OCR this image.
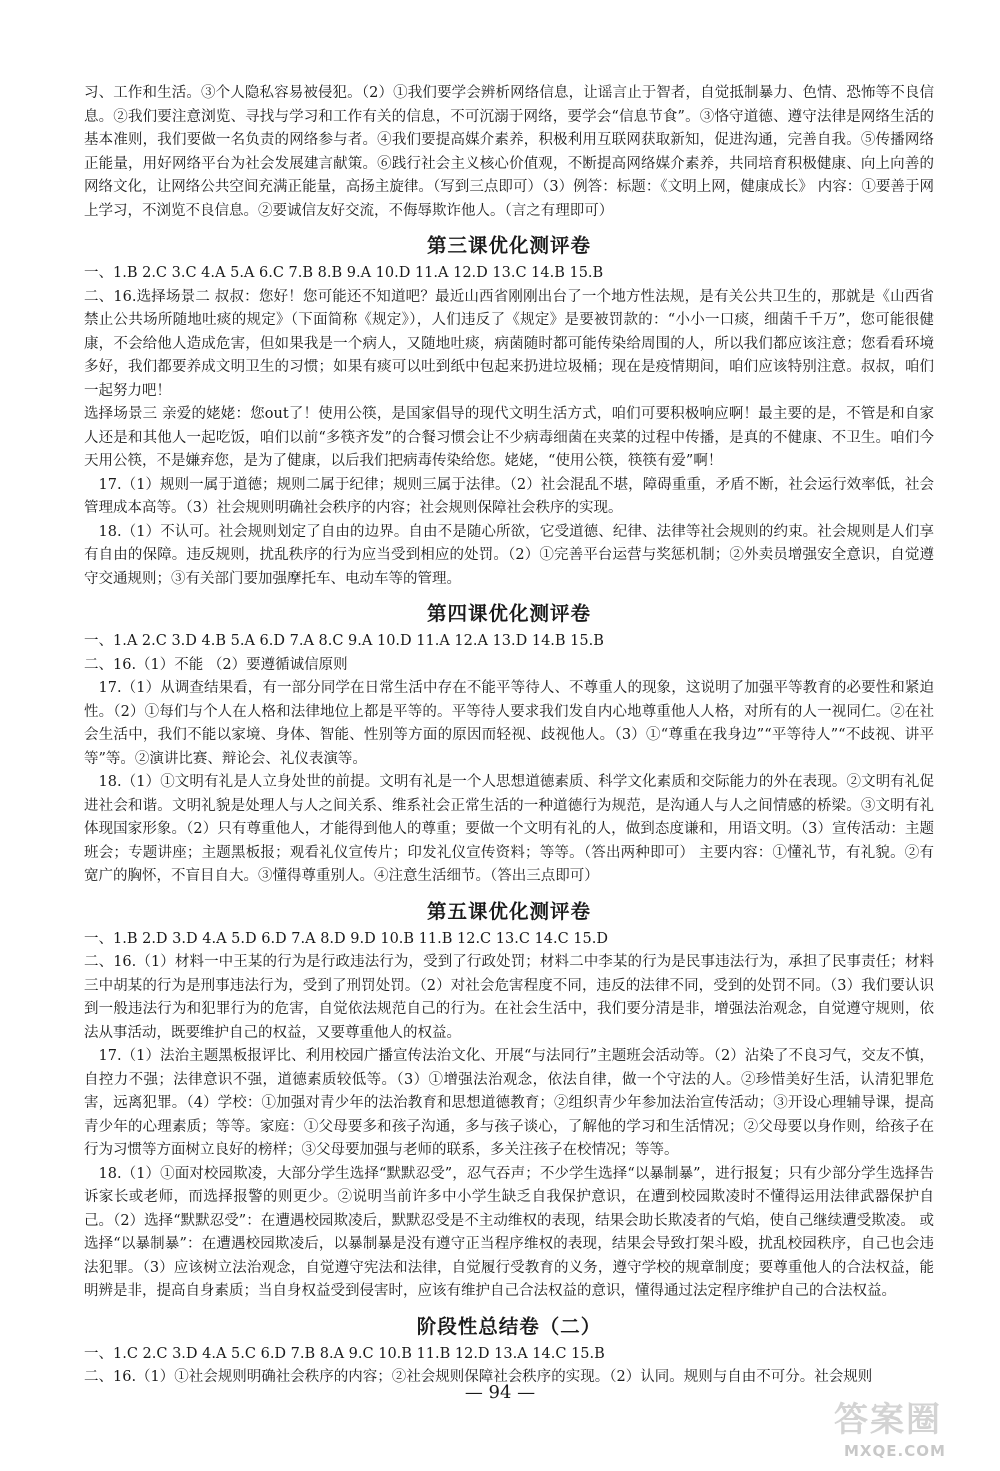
习、工作和生活。③个人隐私容易被侵犯。（2）①我们要学会辨析网络信息，让谣言止于智者，自觉抵制暴力、色情、恐怖等不良信息。②我们要注意浏览、寻找与学习和工作有关的信息，不可沉溺于网络，要学会“信息节食”。③恪守道德、遵守法律是网络生活的基本准则，我们要做一名负责的网络参与者。④我们要提高媒介素养，积极利用互联网获取新知，促进沟通，完善自我。⑤传播网络正能量，用好网络平台为社会发展建言献策。⑥践行社会主义核心价值观，不断提高网络媒介素养，共同培育积极健康、向上向善的网络文化，让网络公共空间充满正能量，高扬主旋律。（写到三点即可）（3）例答：标题：《文明上网，健康成长》 内容：①要善于网上学习，不浏览不良信息。②要诚信友好交流，不侮辱欺诈他人。（言之有理即可）

第三课优化测评卷

一、1.B 2.C 3.C 4.A 5.A 6.C 7.B 8.B 9.A 10.D 11.A 12.D 13.C 14.B 15.B

二、16.选择场景二 叔叔：您好！您可能还不知道吧？最近山西省刚刚出台了一个地方性法规，是有关公共卫生的，那就是《山西省禁止公共场所随地吐痰的规定》（下面简称《规定》），人们违反了《规定》是要被罚款的：“小小一口痰，细菌千千万”，您可能很健康，不会给他人造成危害，但如果我是一个病人，又随地吐痰，病菌随时都可能传染给周围的人，所以我们都应该注意；您看看环境多好，我们都要养成文明卫生的习惯；如果有痰可以吐到纸中包起来扔进垃圾桶；现在是疫情期间，咱们应该特别注意。叔叔，咱们一起努力吧！

选择场景三 亲爱的姥姥：您out了！使用公筷，是国家倡导的现代文明生活方式，咱们可要积极响应啊！最主要的是，不管是和自家人还是和其他人一起吃饭，咱们以前“多筷齐发”的合餐习惯会让不少病毒细菌在夹菜的过程中传播，是真的不健康、不卫生。咱们今天用公筷，不是嫌弃您，是为了健康，以后我们把病毒传染给您。姥姥，“使用公筷，筷筷有爱”啊！

17.（1）规则一属于道德；规则二属于纪律；规则三属于法律。（2）社会混乱不堪，障碍重重，矛盾不断，社会运行效率低，社会管理成本高等。（3）社会规则明确社会秩序的内容；社会规则保障社会秩序的实现。

18.（1）不认可。社会规则划定了自由的边界。自由不是随心所欲，它受道德、纪律、法律等社会规则的约束。社会规则是人们享有自由的保障。违反规则，扰乱秩序的行为应当受到相应的处罚。（2）①完善平台运营与奖惩机制；②外卖员增强安全意识，自觉遵守交通规则；③有关部门要加强摩托车、电动车等的管理。

第四课优化测评卷

一、1.A 2.C 3.D 4.B 5.A 6.D 7.A 8.C 9.A 10.D 11.A 12.A 13.D 14.B 15.B

二、16.（1）不能 （2）要遵循诚信原则

17.（1）从调查结果看，有一部分同学在日常生活中存在不能平等待人、不尊重人的现象，这说明了加强平等教育的必要性和紧迫性。（2）①每们与个人在人格和法律地位上都是平等的。平等待人要求我们发自内心地尊重他人人格，对所有的人一视同仁。②在社会生活中，我们不能以家境、身体、智能、性别等方面的原因而轻视、歧视他人。（3）①“尊重在我身边”“平等待人”“不歧视、讲平等”等。②演讲比赛、辩论会、礼仪表演等。

18.（1）①文明有礼是人立身处世的前提。文明有礼是一个人思想道德素质、科学文化素质和交际能力的外在表现。②文明有礼促进社会和谐。文明礼貌是处理人与人之间关系、维系社会正常生活的一种道德行为规范，是沟通人与人之间情感的桥梁。③文明有礼体现国家形象。（2）只有尊重他人，才能得到他人的尊重；要做一个文明有礼的人，做到态度谦和，用语文明。（3）宣传活动：主题班会；专题讲座；主题黑板报；观看礼仪宣传片；印发礼仪宣传资料；等等。（答出两种即可） 主要内容：①懂礼节，有礼貌。②有宽广的胸怀，不盲目自大。③懂得尊重别人。④注意生活细节。（答出三点即可）

第五课优化测评卷

一、1.B 2.D 3.D 4.A 5.D 6.D 7.A 8.D 9.D 10.B 11.B 12.C 13.C 14.C 15.D

二、16.（1）材料一中王某的行为是行政违法行为，受到了行政处罚；材料二中李某的行为是民事违法行为，承担了民事责任；材料三中胡某的行为是刑事违法行为，受到了刑罚处罚。（2）对社会危害程度不同，违反的法律不同，受到的处罚不同。（3）我们要认识到一般违法行为和犯罪行为的危害，自觉依法规范自己的行为。在社会生活中，我们要分清是非，增强法治观念，自觉遵守规则，依法从事活动，既要维护自己的权益，又要尊重他人的权益。

17.（1）法治主题黑板报评比、利用校园广播宣传法治文化、开展“与法同行”主题班会活动等。（2）沾染了不良习气，交友不慎，自控力不强；法律意识不强，道德素质较低等。（3）①增强法治观念，依法自律，做一个守法的人。②珍惜美好生活，认清犯罪危害，远离犯罪。（4）学校：①加强对青少年的法治教育和思想道德教育；②组织青少年参加法治宣传活动；③开设心理辅导课，提高青少年的心理素质；等等。家庭：①父母要多和孩子沟通，多与孩子谈心，了解他的学习和生活情况；②父母要以身作则，给孩子在行为习惯等方面树立良好的榜样；③父母要加强与老师的联系，多关注孩子在校情况；等等。

18.（1）①面对校园欺凌，大部分学生选择“默默忍受”，忍气吞声；不少学生选择“以暴制暴”，进行报复；只有少部分学生选择告诉家长或老师，而选择报警的则更少。②说明当前许多中小学生缺乏自我保护意识，在遭到校园欺凌时不懂得运用法律武器保护自己。（2）选择“默默忍受”：在遭遇校园欺凌后，默默忍受是不主动维权的表现，结果会助长欺凌者的气焰，使自己继续遭受欺凌。 或选择“以暴制暴”：在遭遇校园欺凌后，以暴制暴是没有遵守正当程序维权的表现，结果会导致打架斗殴，扰乱校园秩序，自己也会违法犯罪。（3）应该树立法治观念，自觉遵守宪法和法律，自觉履行受教育的义务，遵守学校的规章制度；要尊重他人的合法权益，能明辨是非，提高自身素质；当自身权益受到侵害时，应该有维护自己合法权益的意识，懂得通过法定程序维护自己的合法权益。

阶段性总结卷（二）

一、1.C 2.C 3.D 4.A 5.C 6.D 7.B 8.A 9.C 10.B 11.B 12.D 13.A 14.C 15.B

二、16.（1）①社会规则明确社会秩序的内容；②社会规则保障社会秩序的实现。（2）认同。规则与自由不可分。社会规则

— 94 —
答案圈
MXQE.COM
